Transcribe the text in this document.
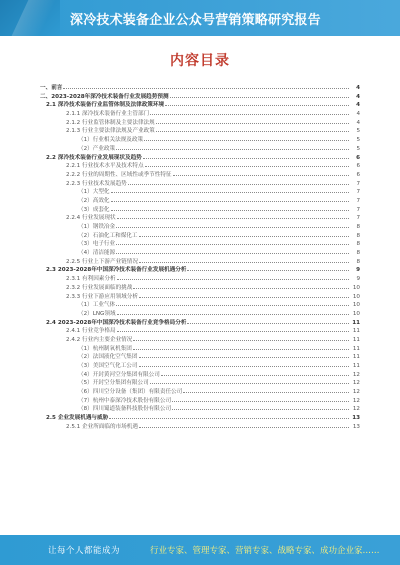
深冷技术装备企业公众号营销策略研究报告
内容目录
一、前言	4
二、2023-2028年深冷技术装备行业发展趋势预测	4
2.1 深冷技术装备行业监管体制及法律政策环境	4
2.1.1 深冷技术装备行业主管部门	4
2.1.2 行业监管体制及主要法律法规	4
2.1.3 行业主要法律法规及产业政策	5
（1）行业相关法规及政策	5
（2）产业政策	5
2.2 深冷技术装备行业发展现状及趋势	6
2.2.1 行业技术水平及技术特点	6
2.2.2 行业的周期性、区域性或季节性特征	6
2.2.3 行业技术发展趋势	7
（1）大型化	7
（2）高效化	7
（3）成套化	7
2.2.4 行业发展现状	7
（1）钢铁冶金	8
（2）石油化工和煤化工	8
（3）电子行业	8
（4）清洁能源	8
2.2.5 行业上下游产业链情况	8
2.3 2023-2028年中国深冷技术装备行业发展机遇分析	9
2.3.1 有利因素分析	9
2.3.2 行业发展面临的挑战	10
2.3.3 行业下游应用领域分析	10
（1）工业气体	10
（2）LNG领域	10
2.4 2023-2028年中国深冷技术装备行业竞争格局分析	11
2.4.1 行业竞争格局	11
2.4.2 行业内主要企业情况	11
（1）杭州制氧机集团	11
（2）法国液化空气集团	11
（3）美国空气化工公司	11
（4）开封黄河空分集团有限公司	12
（5）开封空分集团有限公司	12
（6）四川空分设备（集团）有限责任公司	12
（7）杭州中泰深冷技术股份有限公司	12
（8）四川蜀道装备科技股份有限公司	12
2.5 企业发展机遇与威胁	13
2.5.1 企业所面临的市场机遇	13
让每个人都能成为	行业专家、管理专家、营销专家、战略专家、成功企业家……
